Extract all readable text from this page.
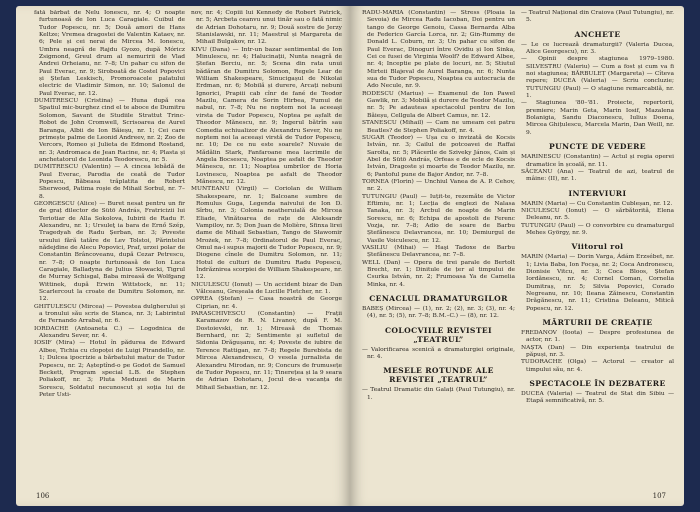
fată bărbat de Nelu Ionescu, nr. 4; O noapte furtunoasă de Ion Luca Caragiale. Cuibul de Tudor Popescu, nr. 5; Două amori de Hans Keltze; Vremea dragostei de Valentin Kataev, nr. 6; Pele și cei nerai de Mircea M. Ionescu, Umbra neagră de Rajdu Gyozo, după Móricz Zsigmond, Greul drum al nemuririi de Vlad Andrei Orheianu, nr. 7–8; Un pahar cu sifon de Paul Everac, nr. 9; Siroboată de Costel Popovici și Ștefan Leskisch, Promoroacele palatului electric de Vladimir Simon, nr. 10; Salonul de Paul Everac, nr. 12.

DUMITRESCU (Cristina) — Huna după cea Spatiul mic-burghez cind el te aboce de Dumitru Solomon, Savant de Studiile Strattut Trinc-Robot de John Cromwell, Scrisoarea de Aurel Baranga, Albii de Ion Băieșu, nr. 1; Cei care primește palme de Leonid Andreev, nr. 2; Zoo de Vercors, Romeo și Julieta de Edmond Rostand, nr. 3; Andromaca de Jean Racine, nr. 4; Plasta și anchetatorul de Leonida Teodorescu, nr. 5.

DUMITRESCU (Valentin) — A cincea lebădă de Paul Everac, Parodia de ceată de Tudor Popescu, Băbeasa trăplatita de Robert Sherwood, Patima roșie de Mihail Sorbul, nr. 7–8.

GEORGESCU (Alice) — Buret nesat pentru un fir de graț dilector de Sütö András, Fratricizii lui Teriotiar de Alla Sokolova, Iubirii de Radu F. Alexandru, nr. 1; Ursuleţ ia bara de Ernő Szép, Tragedyah de Radu Șerban, nr. 3; Poveste ursului fără tatăre de Lev Tolstoi, Părintelui nădejdine de Alecu Popovici, Praf, urzei polar de Constantin Brâncoveanu, după Cezar Petrescu, nr. 7–8; O noapte furtunoasă de Ion Luca Caragiale, Balladyna de Julius Słowacki, Tigrul de Murray Schisgal, Baba mireasă de Wolfgang Wittinek, după Erwin Wittstock, nr. 11; Scarlercout la croate de Dumitru Solomon, nr. 12.

GHITULESCU (Mircea) — Povestea dulgherului și a tronului său scris de Stanca, nr. 3; Labirintul de Fernando Arrabal, nr. 6.

IORDACHE (Antoaneta C.) — Logodnica de Alexandru Sever, nr. 4.

IOSIF (Mira) — Hotul în pădurea de Edward Albee, Tichia cu clopoței de Luigi Pirandello, nr. 1; Dulcea ipocrizie a bărbatului matur de Tudor Popescu, nr. 2; Așteptînd-o pe Godot de Samuel Beckett, Program special L.B. de Stephen Poliakoff, nr. 3; Pluta Meduzei de Marin Sorescu, Soldatul necunoscut și soția lui de Peter Usti-

nov, nr. 4; Copiii lui Kennedy de Robert Patrick, nr. 5; Arcbeta ceanvu unui tinăr sau o fată nimic de Adrian Dohotaru, nr. 9; Două sostre de Jerzy Stanislawski, nr. 11; Maestrul și Margareta de Mihail Bulgakov, nr. 12.

KIVU (Dana) — Intr-un bazar sentimental de Ion Minulescu, nr. 4; Halucinații, Nunta neagră de Ștefan Berciu, nr. 5; Scena din rata unui bădăran de Dumitru Solomon, Regele Lear de William Shakespeare, Sinucigașul de Nikolai Erdman, nr. 6; Mobilă și durere, Arcați nebuni Ignorici, Prapiii cab cînr de fané de Teodor Mazilu, Camera de Sorin Hirbea, Fumul de nabul, nr. 7–8; Nu ne noptem noi la aceeași virsta de Tudor Popescu, Noptea pe așfalt de Theodor Mănescu, nr. 9; Ingerul bătrîn sau Comedia echiualizor de Alexandru Sever, Nu ne noptem noi la aceeași virstă de Tudor Popescu, nr. 10; De ce nu este soarele? Nuvaie de Mădălin Stark, Fanfaroane mea lacrimile de Angela Bocsescu, Noaptea pe asfalt de Theodor Mănescu, nr. 11; Noaptea umbrilor de Horia Lovinescu, Noaptea pe asfalt de Theodor Mănescu, nr. 12.

MUNTEANU (Virgil) — Coriolan de William Shakespeare, nr. 1; Balcoane sumbre de Romulus Guga, Legenda naivului de Ion D. Sîrbu, nr. 3; Colonia neatheruială de Mircea Eliade, Vinătoarea de rațe de Aleksandr Vampilov, nr. 5; Don Juan de Molière, Sfinxa lirei dame de Mihail Sebastian, Tango de Sławomir Mrożek, nr. 7–8; Ordinatorul de Paul Everac, Omul na-i supus majorii de Tudor Popescu, nr. 9; Diogene cînele de Dumitru Solomon, nr. 11; Hotul de culturi de Dumitru Radu Popescu, Îndrăznirea scorpiei de William Shakespeare, nr. 12.

NICULESCU (Ionut) — Un accident bizar de Dan Vălceanu, Greșeala de Lucille Fletcher, nr. 1.

OPREA (Ștefan) — Casa noastră de George Ciprian, nr. 4.

PARASCHIVESCU (Constantin) — Frații Karamazov de R. N. Livanov, după F. M. Dostoievski, nr. 1; Mireasă de Thomas Bernhard, nr. 2; Sentimente și sufletul de Sidonia Drăgușanu, nr. 4; Poveste de iubire de Terence Rattigan, nr. 7–8; Regele Burebista de Mircea Alexandrescu, O vesela jurnalista de Alexandru Mirodan, nr. 9; Concurs de frumusețe de Tudor Popescu, nr. 11; Tinerețea și la 9 seara de Adrian Dohotaru, Jocul de-a vacanța de Mihail Sebastian, nr. 12.

106

RADU-MARIA (Constantin) — Stress (Ploaia la Sevoia) de Mircea Radu Iacoban, Doi pentru un tango de George Genoiu, Cassa Bernarda Alba de Federico García Lorca, nr. 2; Gin-Rummy de Donald L. Coburn, nr. 3; Un pahar cu sifon de Paul Everac, Dinoguri între Ovidiu și Ion Sinka, Cei ce fusei de Virginia Woolf? de Edward Albee, nr. 4; Inceptie pe plate de locuri, nr. 5; Stiutul Mirteii Blajeval de Aurel Baranga, nr. 6; Nunta sua de Tudor Popescu, Noaptea cu autocracia de Ado Necule, nr. 9.

RODESCU (Marius) — Examenul de Ion Pawel Gawlik, nr. 3; Mobilă și durere de Teodor Mazilu, nr. 5; Pe adauteas spectacolul pentru de Ion Băieșu, Cellgula de Albert Camus, nr. 12.

STANESCU (Mihail) — Cam ne umeam cei patru Beatles? de Stephen Poliakoff, nr. 4.

SUGAR (Teodor) — Ușa cu o invizată de Kocsis István, nr. 3; Cailul de potcoavei de Raffai Sarolta, nr. 5; Plăcerile de Sziveky János, Cain și Abel de Sütö András, Orfeas e de ecle de Kocsis István, Dragoste și moarte de Teodor Mazilu, nr. 6; Pantoful pune de Bajor Andor, nr. 7–8.

TORNEA (Florin) — Unchiul Vanea de A. P. Cehov, nr. 2.

TUTUNGIU (Paul) — Iuțit-te, rezemăte de Victor Eftimiu, nr. 1; Lecția de englezi de Nalasa Tanaka, nr. 3; Arcbul de noapte de Marin Sorescu, nr. 6; Echipa de apostoli de Ferenc Vozja, nr. 7–8; Adio de soare de Barbu Ștefănescu Delavrancea, nr. 10; Demiurgul de Vasile Voiculescu, nr. 12.

VASILIU (Mihai) — Haşi Tadoxe de Barbu Ștefănescu Delavrancea, nr. 7–8.

WELL (Dan) — Opera de trei parale de Bertolt Brecht, nr. 1; Dinitule de țer al timpului de Csurka István, nr. 2; Frumoasa Ya de Camelia Minka, nr. 4.

CENACLUL DRAMATURGILOR

BABEȘ (Mircea) — (1), nr. 2; (2), nr. 3; (3), nr. 4; (4), nr. 5; (5), nr. 7–8; B.M.–C.) — (8), nr. 12.

COLOCVIILE REVISTEI „TEATRUL”

— Valorificarea scenică a dramaturgiei originale, nr. 4.

MESELE ROTUNDE ALE REVISTEI „TEATRUL”

— Teatrul Dramatic din Galați (Paul Tutungiu), nr. 1.

— Teatrul Național din Craiova (Paul Tutungiu), nr. 5.

ANCHETE

— Le ce lucrează dramaturgii? (Valeria Ducea, Alice Georgescu), nr. 3.

— Opinii despre stagiunea 1979–1980. SILVESTRU (Valeriu) — Cum a fost și cum va fi noi stagiunea; BĂRBULEȚ (Margareta) — Cîteva repere; DUCEA (Valeria) — Scriu concluzie; TUTUNGIU (Paul) — O stagiune remarcabilă, nr. 1.

— Stagiunea '80–'81. Proiecte, repertorii, premiere; Marin Geta, Marin Iosif, Mazalena Bolanigia, Sandu Diaconescu, Iulius Doena, Mircea Ghițulescu, Marcela Marin, Dan Weill, nr. 9.

PUNCTE DE VEDERE

MARINESCU (Constantin) — Actul și regia operei dramatice în școală, nr. 11.

SĂCEANU (Ana) — Teatrul de azi, teatrul de mâine: (II), nr. 1.

INTERVIURI

MARIN (Maria) — Cu Constantin Cubleșan, nr. 12.

NICULESCU (Ionut) — O sărbătorită, Elena Deleanu, nr. 5.

TUTUNGIU (Paul) — O convorbire cu dramaturgul Mehes György, nr. 9.

Viitorul rol

MARIN (Maria) — Dorin Varga, Ádám Erzsébet, nr. 1; Livia Baba, Ion Focșa, nr. 2; Coca Andronescu, Dionisie Vitcu, nr. 3; Coca Bloos, Ștefan Iordănescu, nr. 4; Cornel Coman, Cornelia Dumitraș, nr. 5; Silvia Popovici, Corado Negreanu, nr. 10; Ileana Zăinescu, Constantin Drăgănescu, nr. 11; Cristina Deleanu, Mitică Popescu, nr. 12.

MĂRTURII DE CREAȚIE

FREDANOV (Ioota) — Despre profesiunea de actor, nr. 1.

NAȘTA (Dan) — Din experiența teatrului de păpuși, nr. 3.

TUDORACHE (Olga) — Actorul — creator al timpului său, nr. 4.

SPECTACOLE ÎN DEZBATERE

DUCEA (Valeria) — Teatrul de Stat din Sibiu — Etapă semnificativă, nr. 5.

107
